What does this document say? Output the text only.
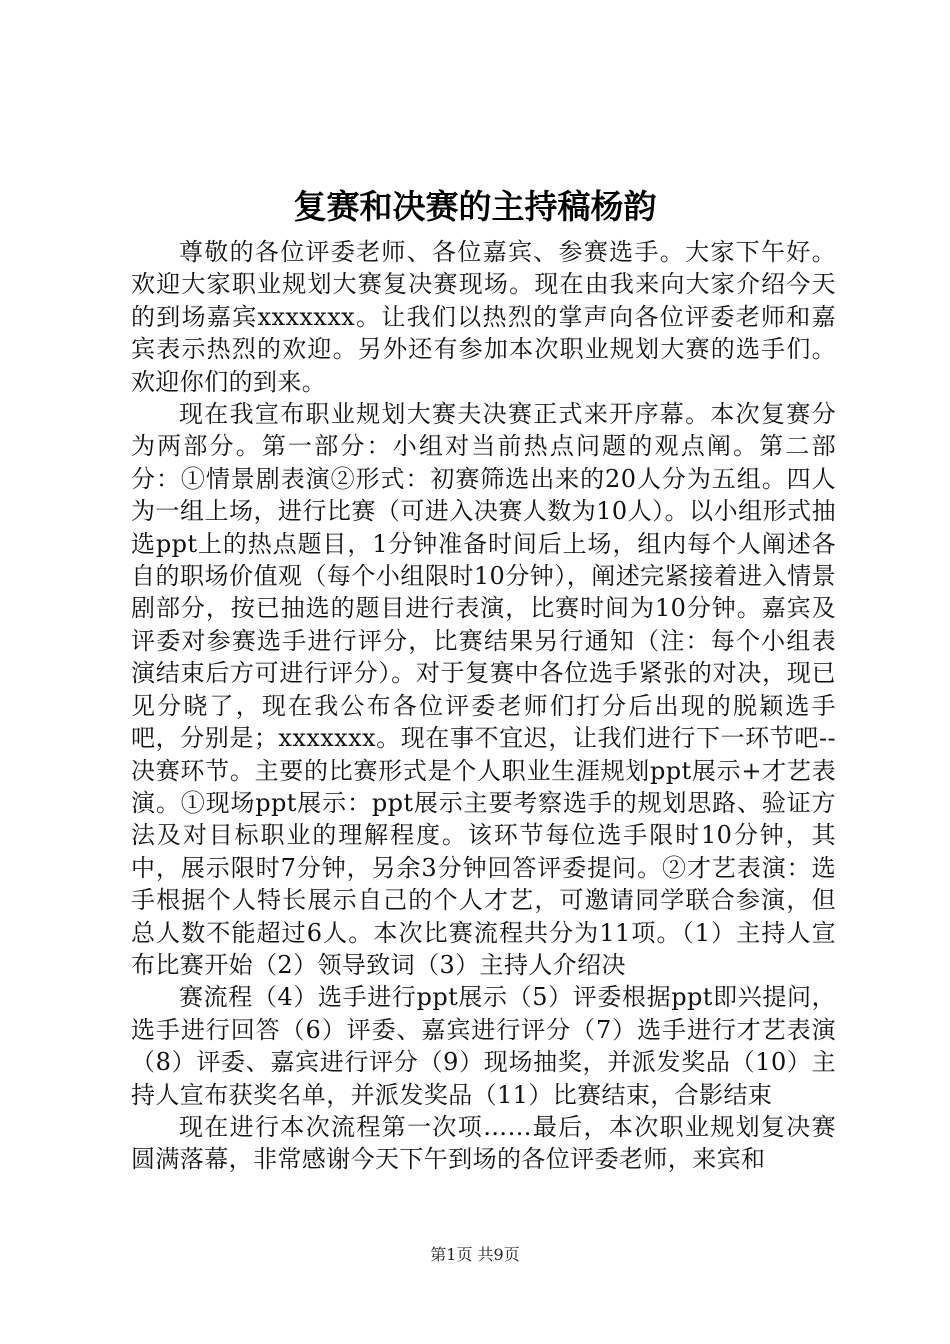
复赛和决赛的主持稿杨韵

尊敬的各位评委老师、各位嘉宾、参赛选手。大家下午好。欢迎大家职业规划大赛复决赛现场。现在由我来向大家介绍今天的到场嘉宾xxxxxxx。让我们以热烈的掌声向各位评委老师和嘉宾表示热烈的欢迎。另外还有参加本次职业规划大赛的选手们。欢迎你们的到来。

现在我宣布职业规划大赛夫决赛正式来开序幕。本次复赛分为两部分。第一部分：小组对当前热点问题的观点阐。第二部分：①情景剧表演②形式：初赛筛选出来的20人分为五组。四人为一组上场，进行比赛（可进入决赛人数为10人）。以小组形式抽选ppt上的热点题目，1分钟准备时间后上场，组内每个人阐述各自的职场价值观（每个小组限时10分钟），阐述完紧接着进入情景剧部分，按已抽选的题目进行表演，比赛时间为10分钟。嘉宾及评委对参赛选手进行评分，比赛结果另行通知（注：每个小组表演结束后方可进行评分）。对于复赛中各位选手紧张的对决，现已见分晓了，现在我公布各位评委老师们打分后出现的脱颖选手吧，分别是；xxxxxxx。现在事不宜迟，让我们进行下一环节吧--决赛环节。主要的比赛形式是个人职业生涯规划ppt展示+才艺表演。①现场ppt展示：ppt展示主要考察选手的规划思路、验证方法及对目标职业的理解程度。该环节每位选手限时10分钟，其中，展示限时7分钟，另余3分钟回答评委提问。②才艺表演：选手根据个人特长展示自己的个人才艺，可邀请同学联合参演，但总人数不能超过6人。本次比赛流程共分为11项。（1）主持人宣布比赛开始（2）领导致词（3）主持人介绍决

赛流程（4）选手进行ppt展示（5）评委根据ppt即兴提问，选手进行回答（6）评委、嘉宾进行评分（7）选手进行才艺表演（8）评委、嘉宾进行评分（9）现场抽奖，并派发奖品（10）主持人宣布获奖名单，并派发奖品（11）比赛结束，合影结束

现在进行本次流程第一次项……最后，本次职业规划复决赛圆满落幕，非常感谢今天下午到场的各位评委老师，来宾和

第1页 共9页
